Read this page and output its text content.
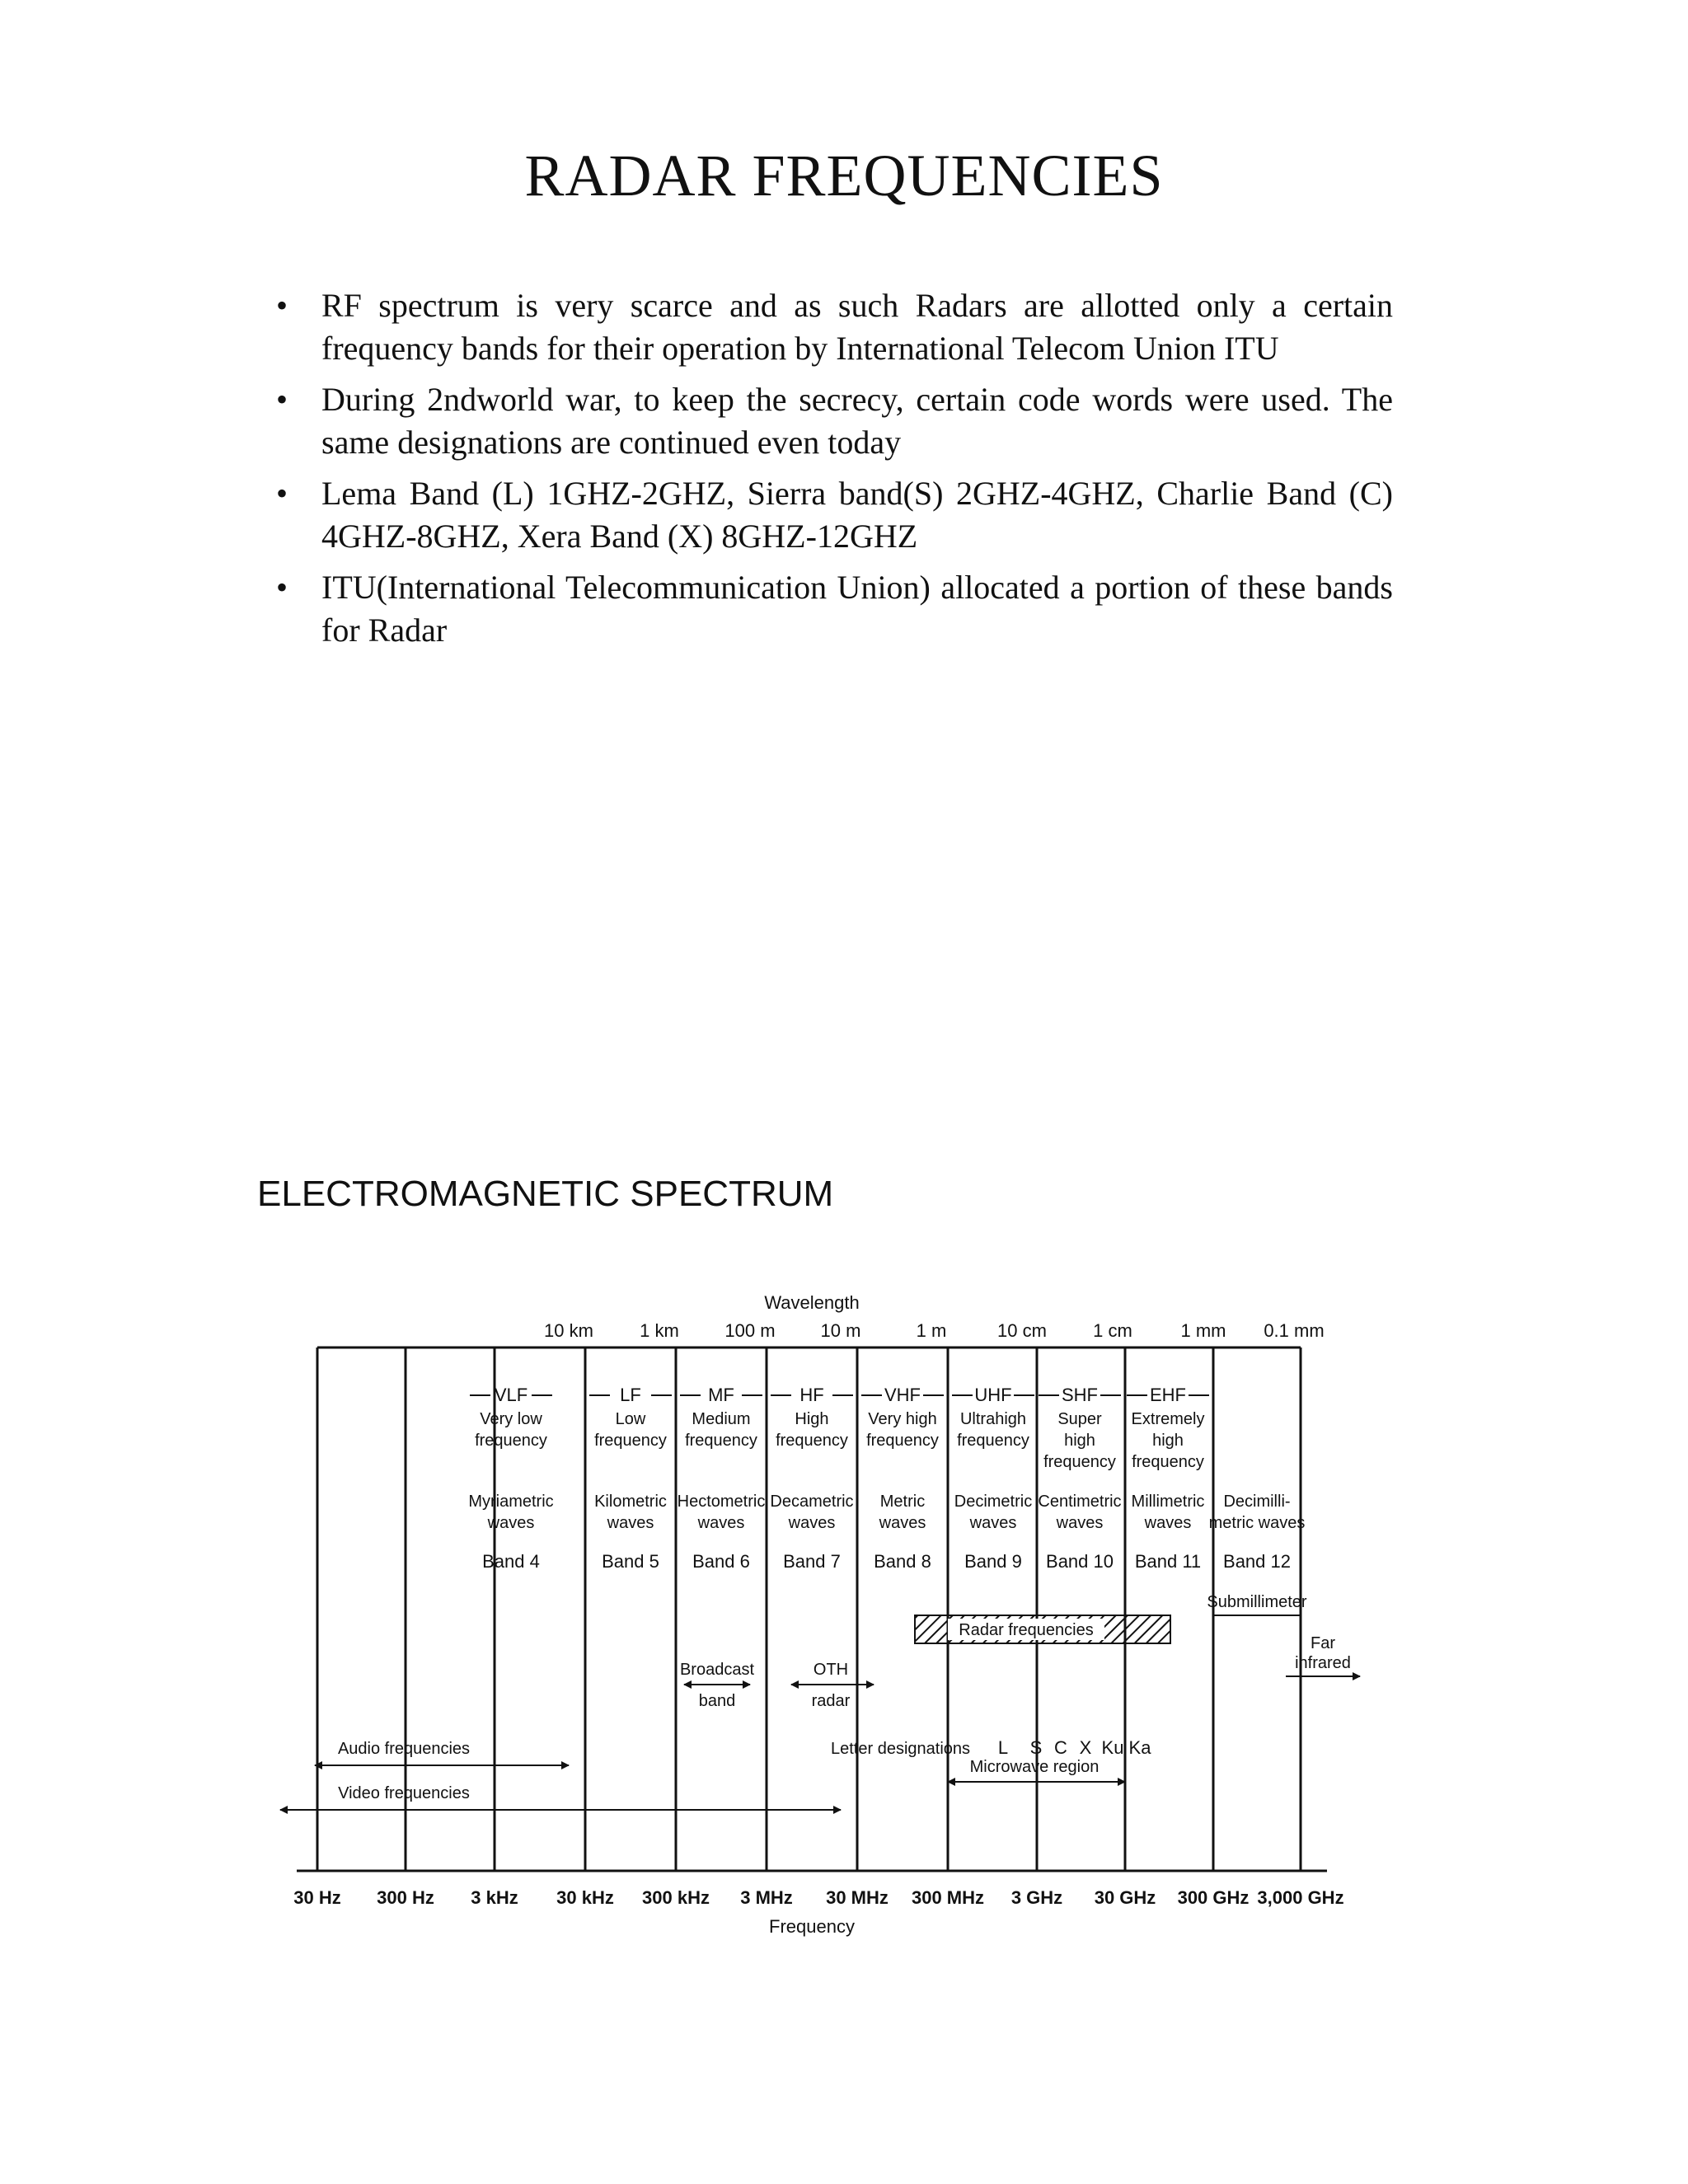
RADAR FREQUENCIES
• RF spectrum is very scarce and as such Radars are allotted only a certain frequency bands for their operation by International Telecom Union ITU
• During 2ndworld war, to keep the secrecy, certain code words were used. The same designations are continued even today
• Lema Band (L) 1GHZ-2GHZ, Sierra band(S) 2GHZ-4GHZ, Charlie Band (C) 4GHZ-8GHZ, Xera Band (X) 8GHZ-12GHZ
• ITU(International Telecommunication Union) allocated a portion of these bands for Radar
ELECTROMAGNETIC SPECTRUM
Wavelength
10 km	1 km	100 m 10 m	1 m	10 cm	1 cm	1 mm 0.1 mm
VLF
Very low
frequency
Myriametric
waves
Band 4
LF
Low
frequency
Kilometric
waves
Band 5
MF
Medium
frequency
Hectometric
waves
Band 6
HF
High
frequency
Decametric
waves
Band 7
VHF
Very high
frequency
Metric
waves
Band 8
UHF
Ultrahigh
frequency
Decimetric
waves
Band 9
SHF
Super
high
frequency
Centimetric
waves
Band 10
EHF
Extremely
high
frequency
Millimetric
waves
Band 11
Decimilli-
metric waves
Band 12
Submillimeter
Far
infrared
Radar frequencies
Broadcast
band
OTH
radar
Letter designations L S C X Ku Ka
Microwave region
Audio frequencies
Video frequencies
30 Hz 300 Hz 3 kHz 30 kHz 300 kHz 3 MHz 30 MHz 300 MHz 3 GHz 30 GHz 300 GHz 3,000 GHz
Frequency
